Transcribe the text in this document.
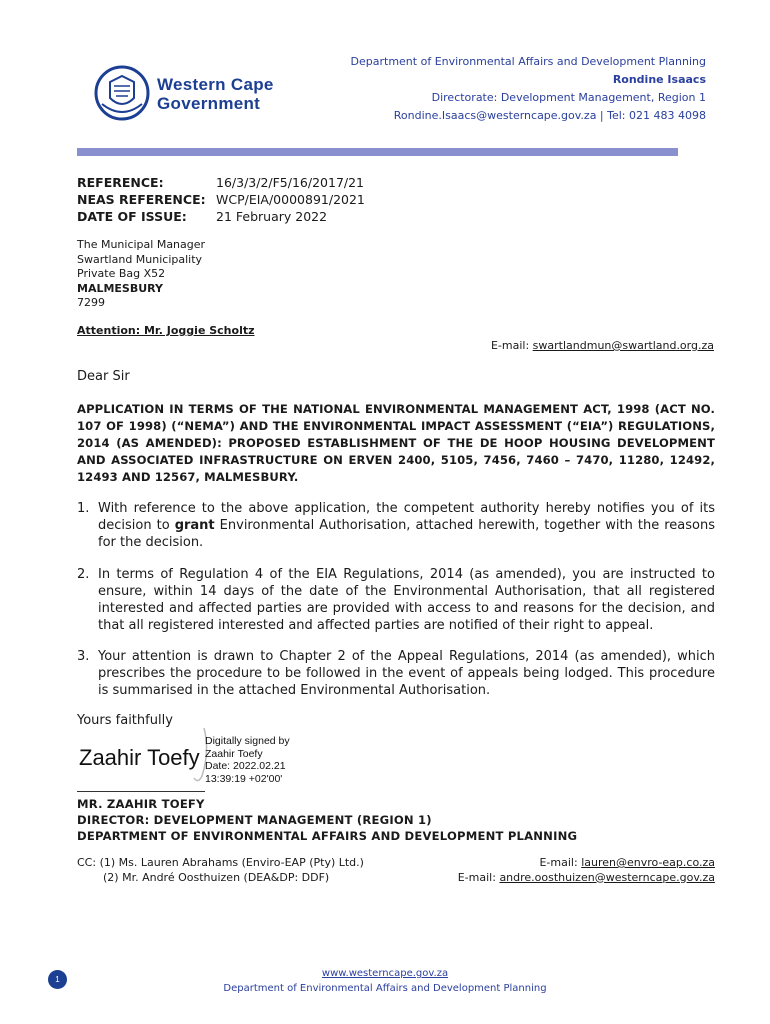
Western Cape
Government
Department of Environmental Affairs and Development Planning
Rondine Isaacs
Directorate: Development Management, Region 1
Rondine.Isaacs@westerncape.gov.za | Tel: 021 483 4098
REFERENCE:	16/3/3/2/F5/16/2017/21
NEAS REFERENCE: WCP/EIA/0000891/2021
DATE OF ISSUE:	21 February 2022
The Municipal Manager
Swartland Municipality
Private Bag X52
MALMESBURY
7299
Attention: Mr. Joggie Scholtz
E-mail: swartlandmun@swartland.org.za
Dear Sir
APPLICATION IN TERMS OF THE NATIONAL ENVIRONMENTAL MANAGEMENT ACT, 1998 (ACT NO. 107 OF 1998) (“NEMA”) AND THE ENVIRONMENTAL IMPACT ASSESSMENT (“EIA”) REGULATIONS, 2014 (AS AMENDED): PROPOSED ESTABLISHMENT OF THE DE HOOP HOUSING DEVELOPMENT AND ASSOCIATED INFRASTRUCTURE ON ERVEN 2400, 5105, 7456, 7460 – 7470, 11280, 12492, 12493 AND 12567, MALMESBURY.
1. With reference to the above application, the competent authority hereby notifies you of its decision to grant Environmental Authorisation, attached herewith, together with the reasons for the decision.
2. In terms of Regulation 4 of the EIA Regulations, 2014 (as amended), you are instructed to ensure, within 14 days of the date of the Environmental Authorisation, that all registered interested and affected parties are provided with access to and reasons for the decision, and that all registered interested and affected parties are notified of their right to appeal.
3. Your attention is drawn to Chapter 2 of the Appeal Regulations, 2014 (as amended), which prescribes the procedure to be followed in the event of appeals being lodged. This procedure is summarised in the attached Environmental Authorisation.
Yours faithfully
Zaahir Toefy
Digitally signed by
Zaahir Toefy
Date: 2022.02.21
13:39:19 +02'00'
MR. ZAAHIR TOEFY
DIRECTOR: DEVELOPMENT MANAGEMENT (REGION 1)
DEPARTMENT OF ENVIRONMENTAL AFFAIRS AND DEVELOPMENT PLANNING
CC: (1) Ms. Lauren Abrahams (Enviro-EAP (Pty) Ltd.)	E-mail: lauren@envro-eap.co.za
(2) Mr. André Oosthuizen (DEA&DP: DDF)	E-mail: andre.oosthuizen@westerncape.gov.za
1
www.westerncape.gov.za
Department of Environmental Affairs and Development Planning
